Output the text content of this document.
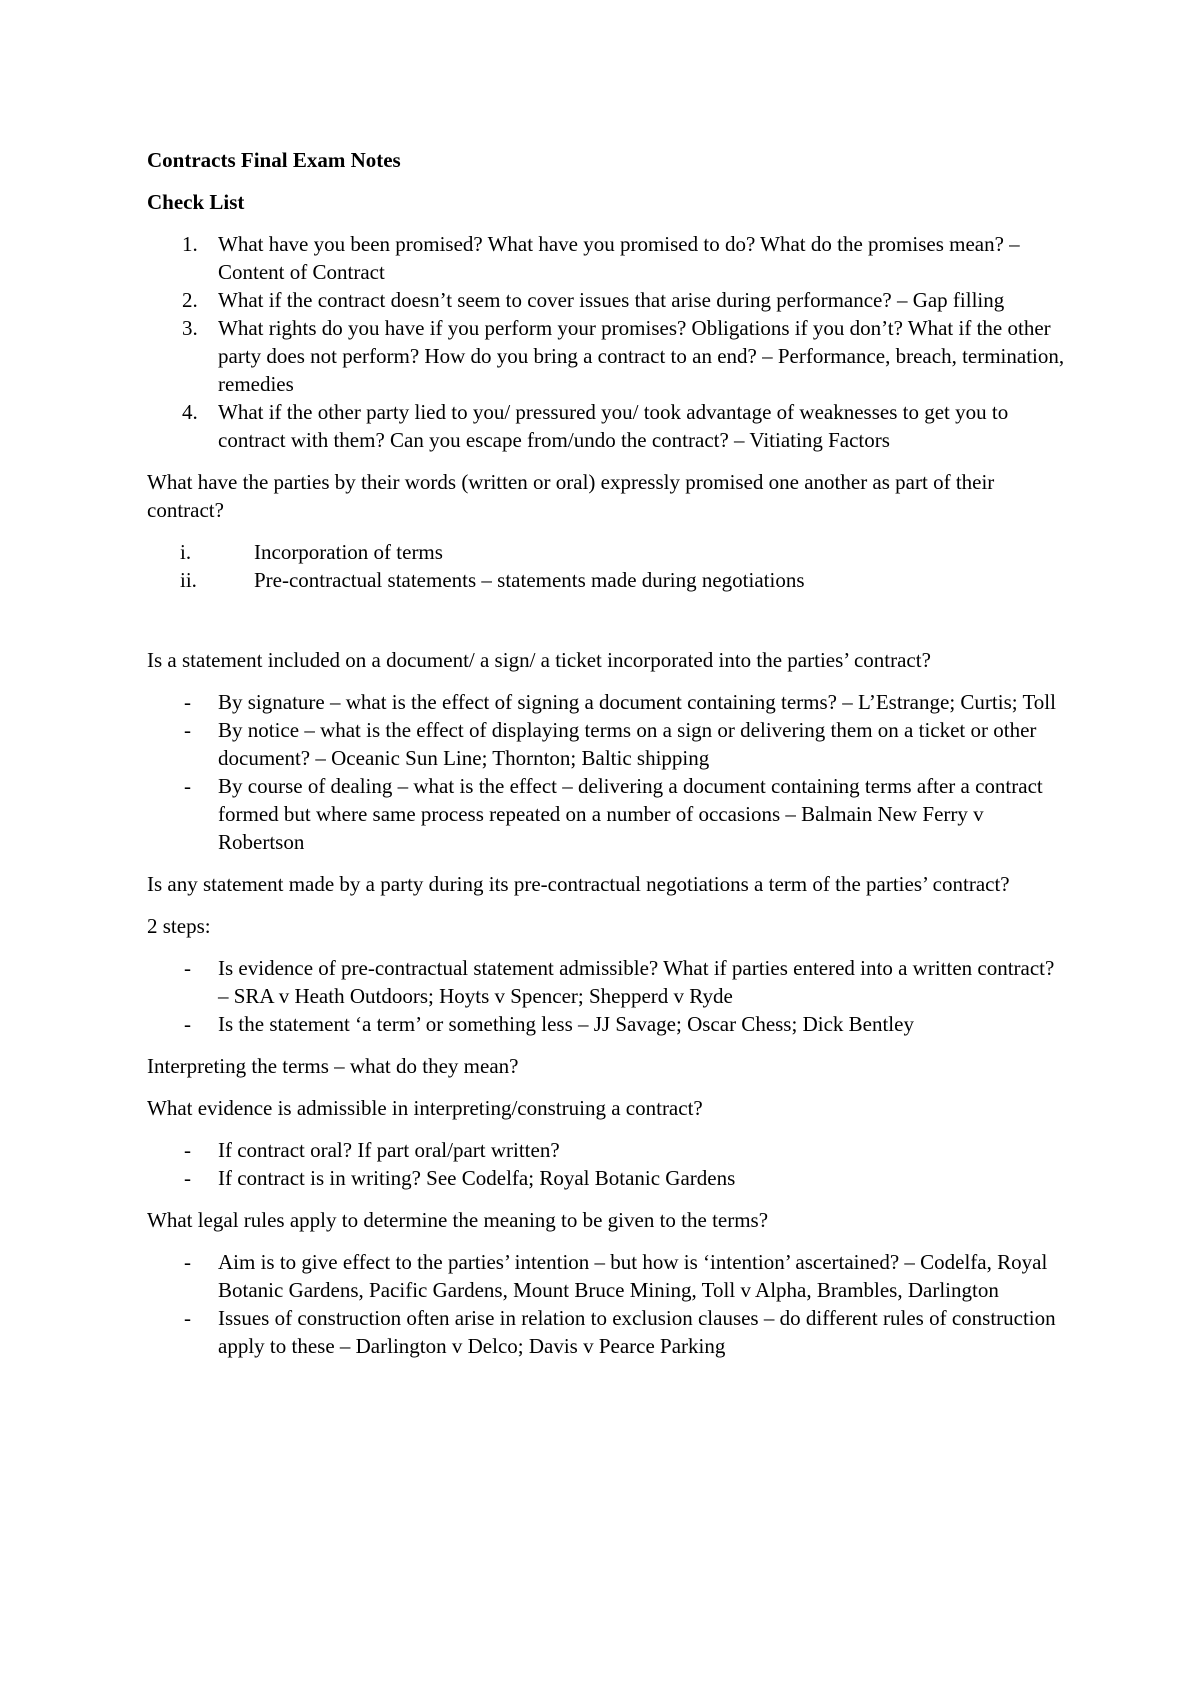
Contracts Final Exam Notes

Check List

1. What have you been promised? What have you promised to do? What do the promises mean? – Content of Contract
2. What if the contract doesn’t seem to cover issues that arise during performance? – Gap filling
3. What rights do you have if you perform your promises? Obligations if you don’t? What if the other party does not perform? How do you bring a contract to an end? – Performance, breach, termination, remedies
4. What if the other party lied to you/ pressured you/ took advantage of weaknesses to get you to contract with them? Can you escape from/undo the contract? – Vitiating Factors

What have the parties by their words (written or oral) expressly promised one another as part of their contract?

i.	Incorporation of terms
ii.	Pre-contractual statements – statements made during negotiations

Is a statement included on a document/ a sign/ a ticket incorporated into the parties’ contract?

- By signature – what is the effect of signing a document containing terms? – L’Estrange; Curtis; Toll
- By notice – what is the effect of displaying terms on a sign or delivering them on a ticket or other document? – Oceanic Sun Line; Thornton; Baltic shipping
- By course of dealing – what is the effect – delivering a document containing terms after a contract formed but where same process repeated on a number of occasions – Balmain New Ferry v Robertson

Is any statement made by a party during its pre-contractual negotiations a term of the parties’ contract?

2 steps:

- Is evidence of pre-contractual statement admissible? What if parties entered into a written contract? – SRA v Heath Outdoors; Hoyts v Spencer; Shepperd v Ryde
- Is the statement ‘a term’ or something less – JJ Savage; Oscar Chess; Dick Bentley

Interpreting the terms – what do they mean?

What evidence is admissible in interpreting/construing a contract?

- If contract oral? If part oral/part written?
- If contract is in writing? See Codelfa; Royal Botanic Gardens

What legal rules apply to determine the meaning to be given to the terms?

- Aim is to give effect to the parties’ intention – but how is ‘intention’ ascertained? – Codelfa, Royal Botanic Gardens, Pacific Gardens, Mount Bruce Mining, Toll v Alpha, Brambles, Darlington
- Issues of construction often arise in relation to exclusion clauses – do different rules of construction apply to these – Darlington v Delco; Davis v Pearce Parking
